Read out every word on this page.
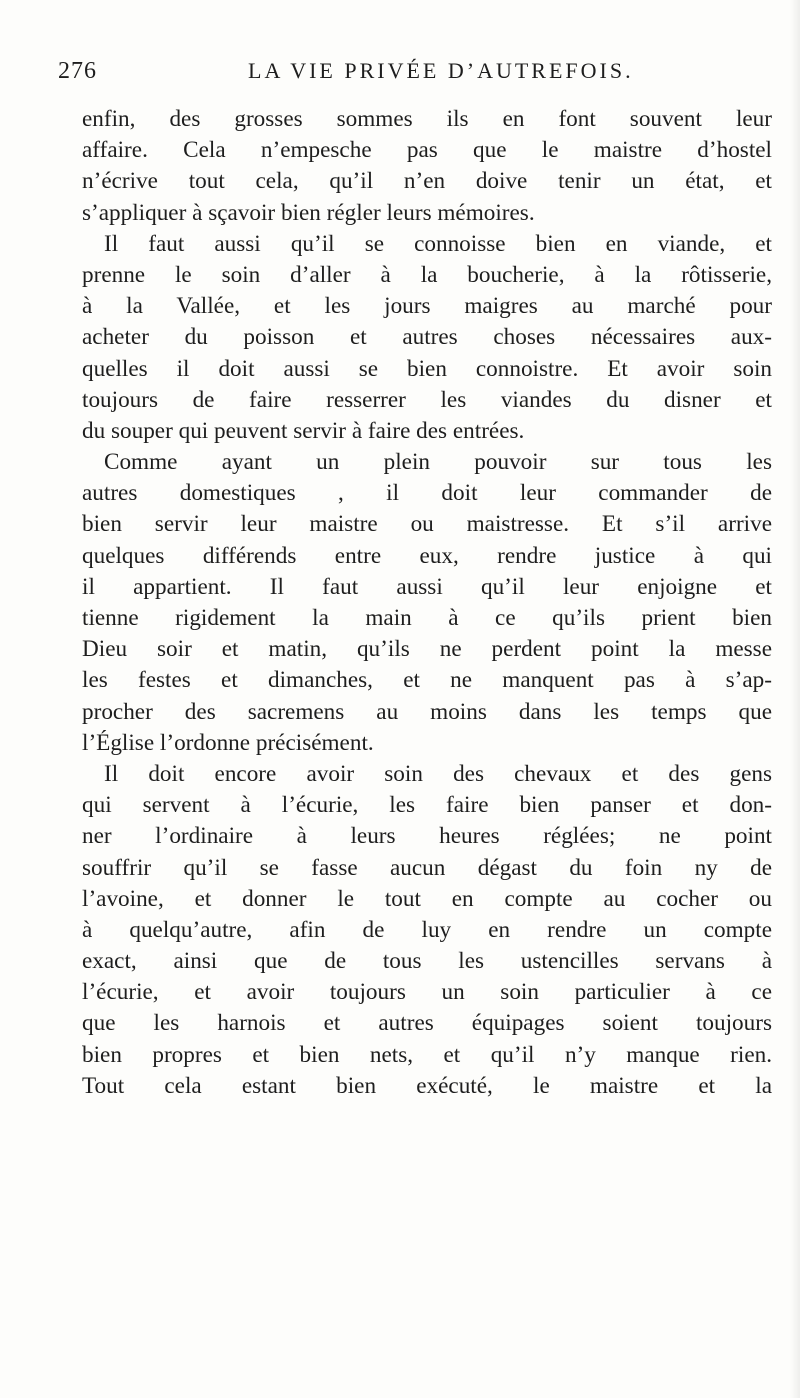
276	LA VIE PRIVÉE D’AUTREFOIS.
enfin, des grosses sommes ils en font souvent leur
affaire. Cela n’empesche pas que le maistre d’hostel
n’écrive tout cela, qu’il n’en doive tenir un état, et
s’appliquer à sçavoir bien régler leurs mémoires.
Il faut aussi qu’il se connoisse bien en viande, et
prenne le soin d’aller à la boucherie, à la rôtisserie,
à la Vallée, et les jours maigres au marché pour
acheter du poisson et autres choses nécessaires aux-
quelles il doit aussi se bien connoistre. Et avoir soin
toujours de faire resserrer les viandes du disner et
du souper qui peuvent servir à faire des entrées.
Comme ayant un plein pouvoir sur tous les
autres domestiques , il doit leur commander de
bien servir leur maistre ou maistresse. Et s’il arrive
quelques différends entre eux, rendre justice à qui
il appartient. Il faut aussi qu’il leur enjoigne et
tienne rigidement la main à ce qu’ils prient bien
Dieu soir et matin, qu’ils ne perdent point la messe
les festes et dimanches, et ne manquent pas à s’ap-
procher des sacremens au moins dans les temps que
l’Église l’ordonne précisément.
Il doit encore avoir soin des chevaux et des gens
qui servent à l’écurie, les faire bien panser et don-
ner l’ordinaire à leurs heures réglées; ne point
souffrir qu’il se fasse aucun dégast du foin ny de
l’avoine, et donner le tout en compte au cocher ou
à quelqu’autre, afin de luy en rendre un compte
exact, ainsi que de tous les ustencilles servans à
l’écurie, et avoir toujours un soin particulier à ce
que les harnois et autres équipages soient toujours
bien propres et bien nets, et qu’il n’y manque rien.
Tout cela estant bien exécuté, le maistre et la
